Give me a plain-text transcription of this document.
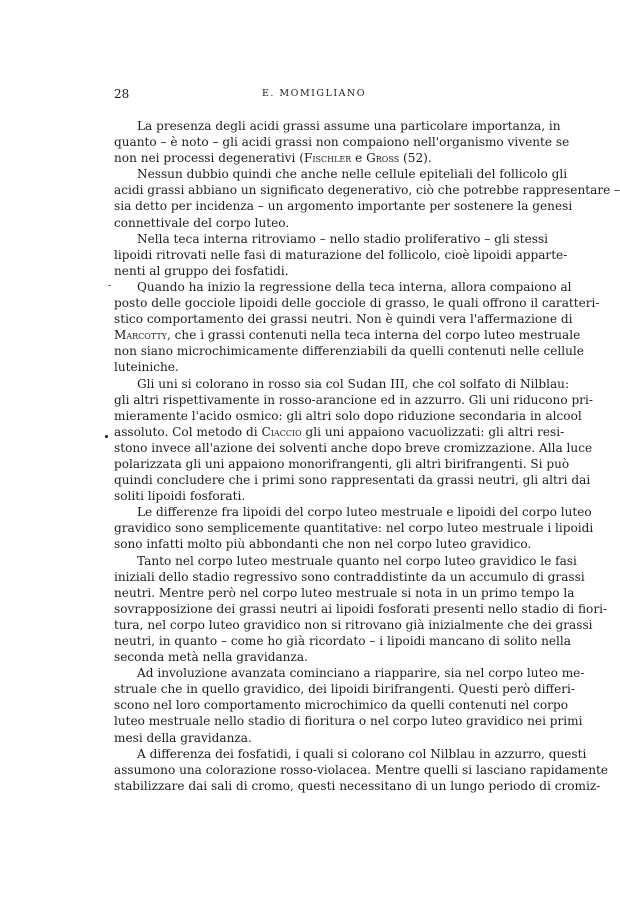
28	E. MOMIGLIANO
La presenza degli acidi grassi assume una particolare importanza, in
quanto – è noto – gli acidi grassi non compaiono nell'organismo vivente se
non nei processi degenerativi (Fischler e Gross (52).
Nessun dubbio quindi che anche nelle cellule epiteliali del follicolo gli
acidi grassi abbiano un significato degenerativo, ciò che potrebbe rappresentare –
sia detto per incidenza – un argomento importante per sostenere la genesi
connettivale del corpo luteo.
Nella teca interna ritroviamo – nello stadio proliferativo – gli stessi
lipoidi ritrovati nelle fasi di maturazione del follicolo, cioè lipoidi apparte-
nenti al gruppo dei fosfatidi.
Quando ha inizio la regressione della teca interna, allora compaiono al
posto delle gocciole lipoidi delle gocciole di grasso, le quali offrono il caratteri-
stico comportamento dei grassi neutri. Non è quindi vera l'affermazione di
Marcotty, che i grassi contenuti nella teca interna del corpo luteo mestruale
non siano microchimicamente differenziabili da quelli contenuti nelle cellule
luteiniche.
Gli uni si colorano in rosso sia col Sudan III, che col solfato di Nilblau:
gli altri rispettivamente in rosso-arancione ed in azzurro. Gli uni riducono pri-
mieramente l'acido osmico: gli altri solo dopo riduzione secondaria in alcool
assoluto. Col metodo di Ciaccio gli uni appaiono vacuolizzati: gli altri resi-
stono invece all'azione dei solventi anche dopo breve cromizzazione. Alla luce
polarizzata gli uni appaiono monorifrangenti, gli altri birifrangenti. Si può
quindi concludere che i primi sono rappresentati da grassi neutri, gli altri dai
soliti lipoidi fosforati.
Le differenze fra lipoidi del corpo luteo mestruale e lipoidi del corpo luteo
gravidico sono semplicemente quantitative: nel corpo luteo mestruale i lipoidi
sono infatti molto più abbondanti che non nel corpo luteo gravidico.
Tanto nel corpo luteo mestruale quanto nel corpo luteo gravidico le fasi
iniziali dello stadio regressivo sono contraddistinte da un accumulo di grassi
neutri. Mentre però nel corpo luteo mestruale si nota in un primo tempo la
sovrapposizione dei grassi neutri ai lipoidi fosforati presenti nello stadio di fiori-
tura, nel corpo luteo gravidico non si ritrovano già inizialmente che dei grassi
neutri, in quanto – come ho già ricordato – i lipoidi mancano di solito nella
seconda metà nella gravidanza.
Ad involuzione avanzata cominciano a riapparire, sia nel corpo luteo me-
struale che in quello gravidico, dei lipoidi birifrangenti. Questi però differi-
scono nel loro comportamento microchimico da quelli contenuti nel corpo
luteo mestruale nello stadio di fioritura o nel corpo luteo gravidico nei primi
mesi della gravidanza.
A differenza dei fosfatidi, i quali si colorano col Nilblau in azzurro, questi
assumono una colorazione rosso-violacea. Mentre quelli si lasciano rapidamente
stabilizzare dai sali di cromo, questi necessitano di un lungo periodo di cromiz-
